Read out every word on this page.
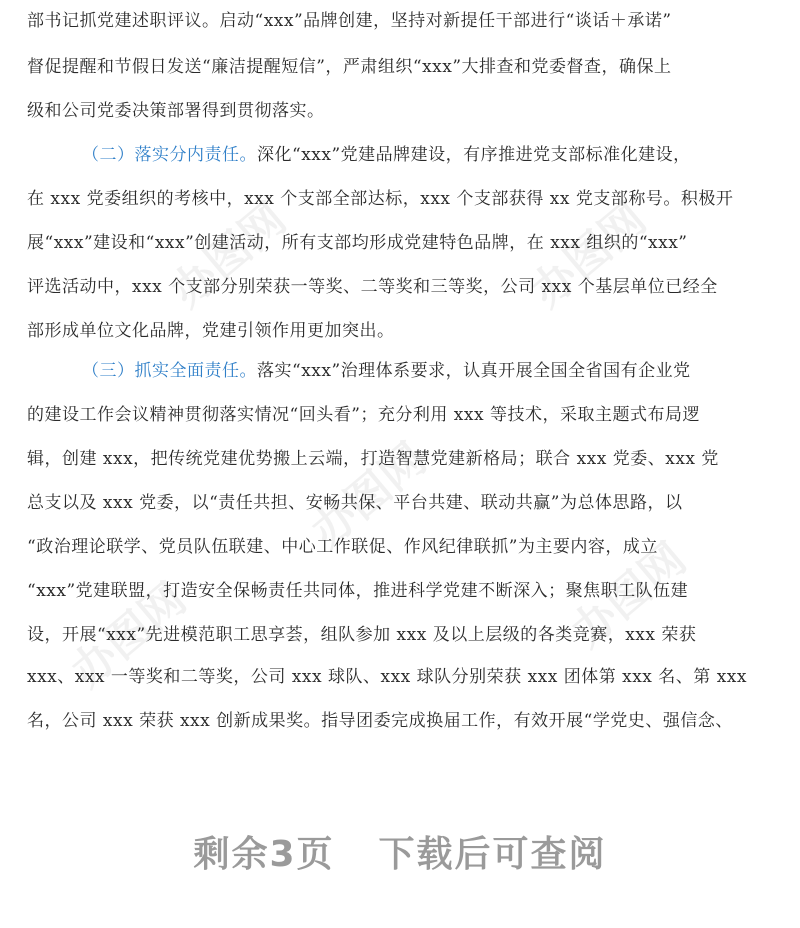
办图网	办图网
办图网
办图网
办图网
部书记抓党建述职评议。启动“xxx”品牌创建，坚持对新提任干部进行“谈话＋承诺”
督促提醒和节假日发送“廉洁提醒短信”，严肃组织“xxx”大排查和党委督查，确保上
级和公司党委决策部署得到贯彻落实。
（二）落实分内责任。深化“xxx”党建品牌建设，有序推进党支部标准化建设，
在 xxx 党委组织的考核中，xxx 个支部全部达标，xxx 个支部获得 xx 党支部称号。积极开
展“xxx”建设和“xxx”创建活动，所有支部均形成党建特色品牌，在 xxx 组织的“xxx”
评选活动中，xxx 个支部分别荣获一等奖、二等奖和三等奖，公司 xxx 个基层单位已经全
部形成单位文化品牌，党建引领作用更加突出。
（三）抓实全面责任。落实“xxx”治理体系要求，认真开展全国全省国有企业党
的建设工作会议精神贯彻落实情况“回头看”；充分利用 xxx 等技术，采取主题式布局逻
辑，创建 xxx，把传统党建优势搬上云端，打造智慧党建新格局；联合 xxx 党委、xxx 党
总支以及 xxx 党委，以“责任共担、安畅共保、平台共建、联动共赢”为总体思路，以
“政治理论联学、党员队伍联建、中心工作联促、作风纪律联抓”为主要内容，成立
“xxx”党建联盟，打造安全保畅责任共同体，推进科学党建不断深入；聚焦职工队伍建
设，开展“xxx”先进模范职工思享荟，组队参加 xxx 及以上层级的各类竞赛，xxx 荣获
xxx、xxx 一等奖和二等奖，公司 xxx 球队、xxx 球队分别荣获 xxx 团体第 xxx 名、第 xxx
名，公司 xxx 荣获 xxx 创新成果奖。指导团委完成换届工作，有效开展“学党史、强信念、
剩余3页 下载后可查阅
